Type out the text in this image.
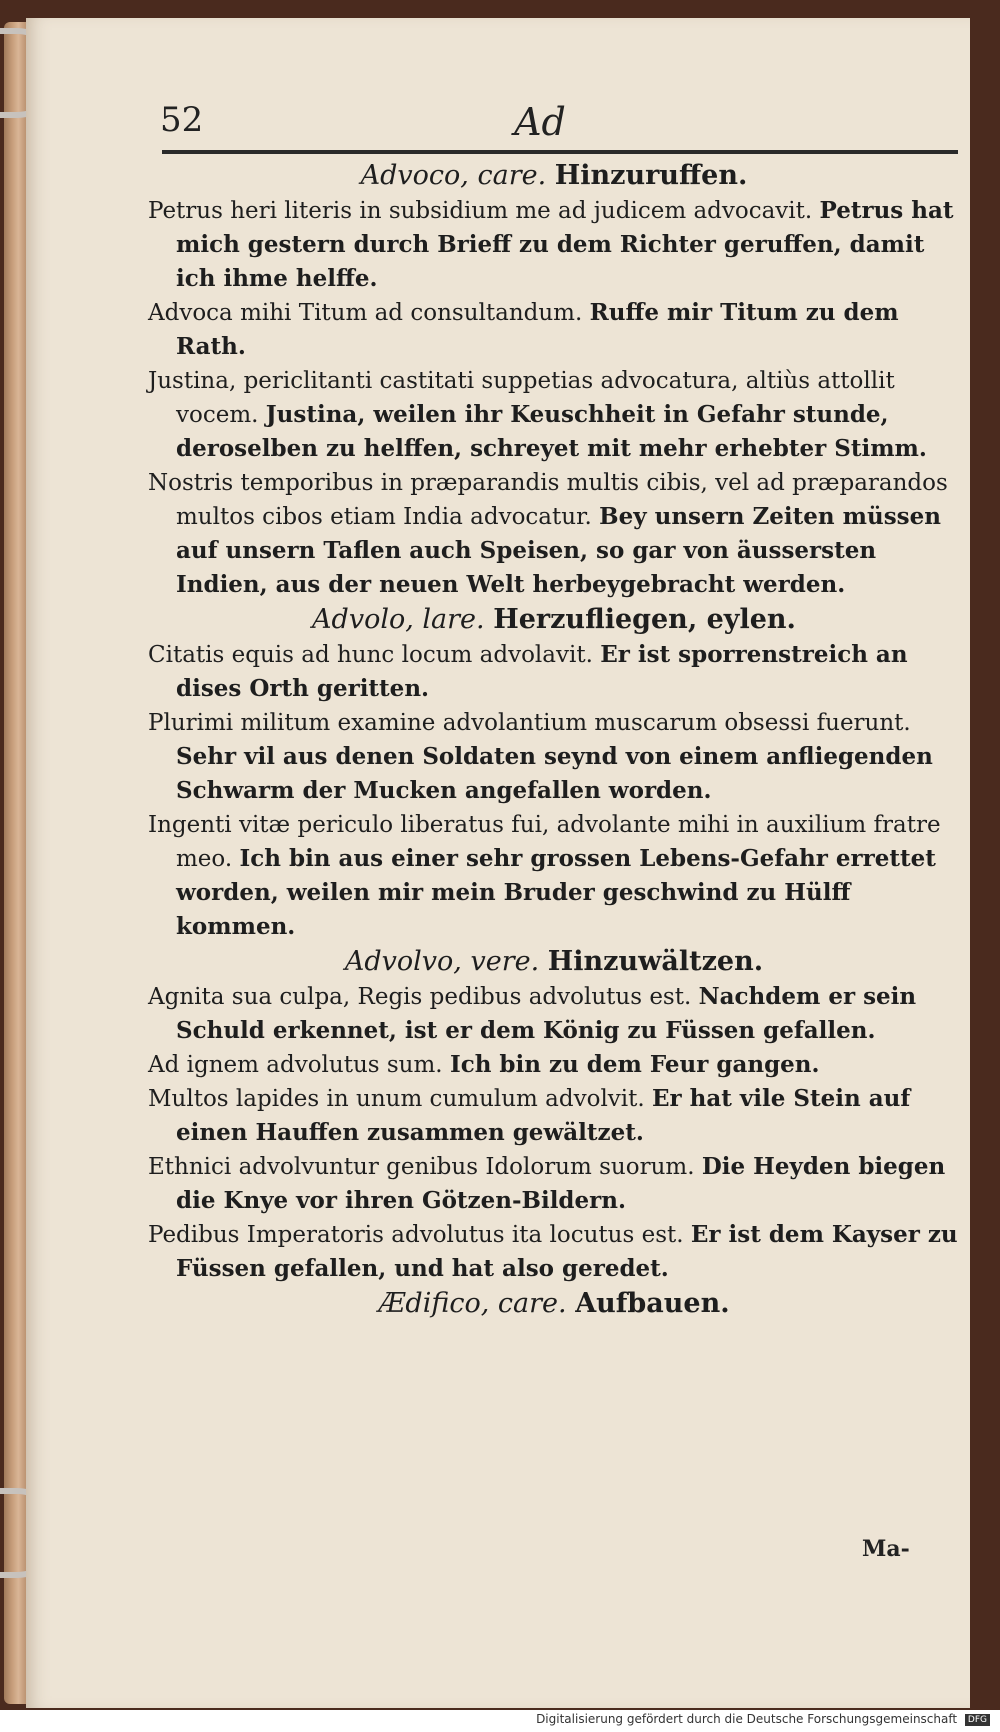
52	Ad
Advoco, care. Hinzuruffen.

Petrus heri literis in subsidium me ad judicem advocavit. Petrus hat mich gestern durch Brieff zu dem Richter geruffen, damit ich ihme helffe.

Advoca mihi Titum ad consultandum. Ruffe mir Titum zu dem Rath.

Justina, periclitanti castitati suppetias advocatura, altiùs attollit vocem. Justina, weilen ihr Keuschheit in Gefahr stunde, deroselben zu helffen, schreyet mit mehr erhebter Stimm.

Nostris temporibus in præparandis multis cibis, vel ad præparandos multos cibos etiam India advocatur. Bey unsern Zeiten müssen auf unsern Taflen auch Speisen, so gar von äussersten Indien, aus der neuen Welt herbeygebracht werden.

Advolo, lare. Herzufliegen, eylen.

Citatis equis ad hunc locum advolavit. Er ist sporrenstreich an dises Orth geritten.

Plurimi militum examine advolantium muscarum obsessi fuerunt. Sehr vil aus denen Soldaten seynd von einem anfliegenden Schwarm der Mucken angefallen worden.

Ingenti vitæ periculo liberatus fui, advolante mihi in auxilium fratre meo. Ich bin aus einer sehr grossen Lebens-Gefahr errettet worden, weilen mir mein Bruder geschwind zu Hülff kommen.

Advolvo, vere. Hinzuwältzen.

Agnita sua culpa, Regis pedibus advolutus est. Nachdem er sein Schuld erkennet, ist er dem König zu Füssen gefallen.

Ad ignem advolutus sum. Ich bin zu dem Feur gangen.

Multos lapides in unum cumulum advolvit. Er hat vile Stein auf einen Hauffen zusammen gewältzet.

Ethnici advolvuntur genibus Idolorum suorum. Die Heyden biegen die Knye vor ihren Götzen-Bildern.

Pedibus Imperatoris advolutus ita locutus est. Er ist dem Kayser zu Füssen gefallen, und hat also geredet.

Ædifico, care. Aufbauen.
Ma-
Digitalisierung gefördert durch die Deutsche Forschungsgemeinschaft DFG
